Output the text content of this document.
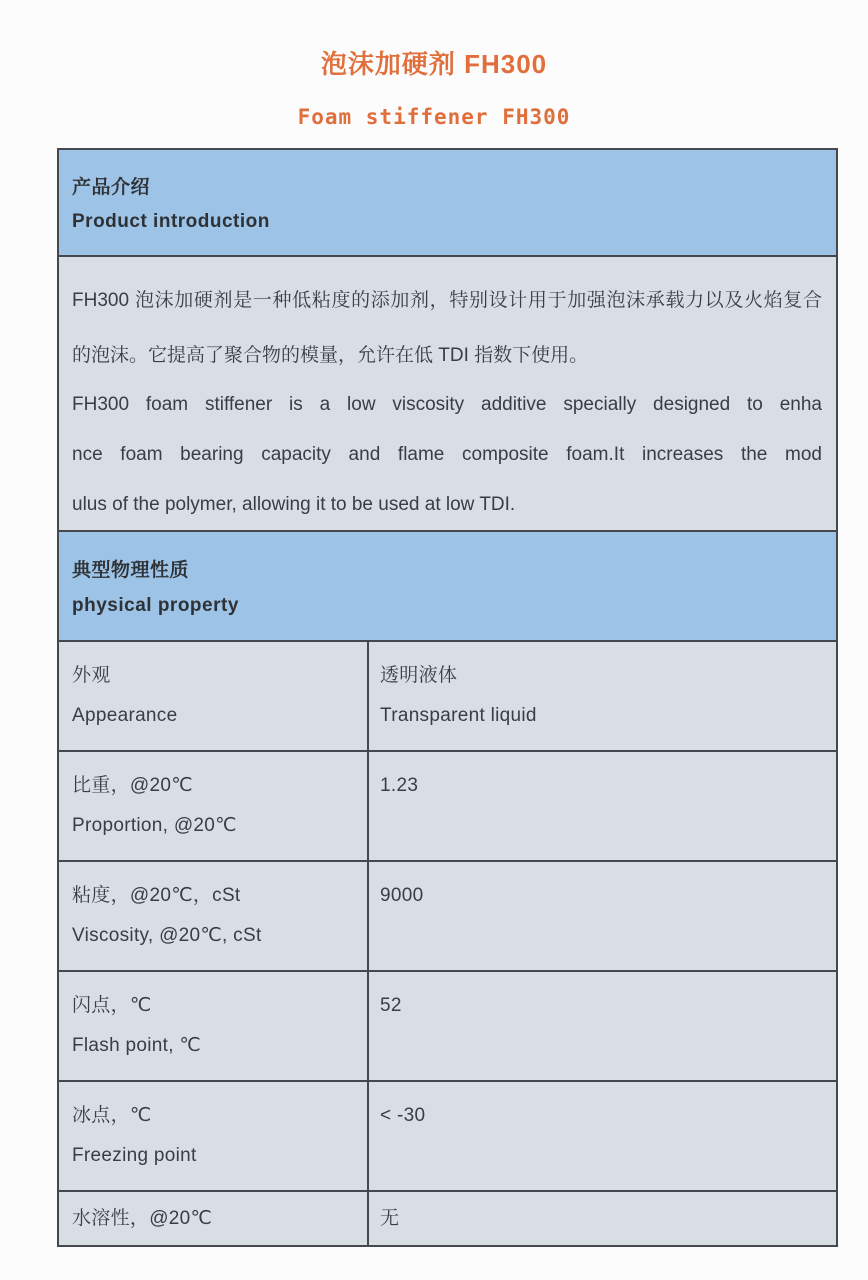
泡沫加硬剂 FH300
Foam stiffener FH300
产品介绍
Product introduction
FH300 泡沫加硬剂是一种低粘度的添加剂，特别设计用于加强泡沫承载力以及火焰复合
的泡沫。它提高了聚合物的模量，允许在低 TDI 指数下使用。
FH300 foam stiffener is a low viscosity additive specially designed to enha
nce foam bearing capacity and flame composite foam.It increases the mod
ulus of the polymer, allowing it to be used at low TDI.
典型物理性质
physical property
外观
Appearance
透明液体
Transparent liquid
比重，@20℃
Proportion, @20℃
1.23
粘度，@20℃，cSt
Viscosity, @20℃, cSt
9000
闪点，℃
Flash point, ℃
52
冰点，℃
Freezing point
< -30
水溶性，@20℃	无
